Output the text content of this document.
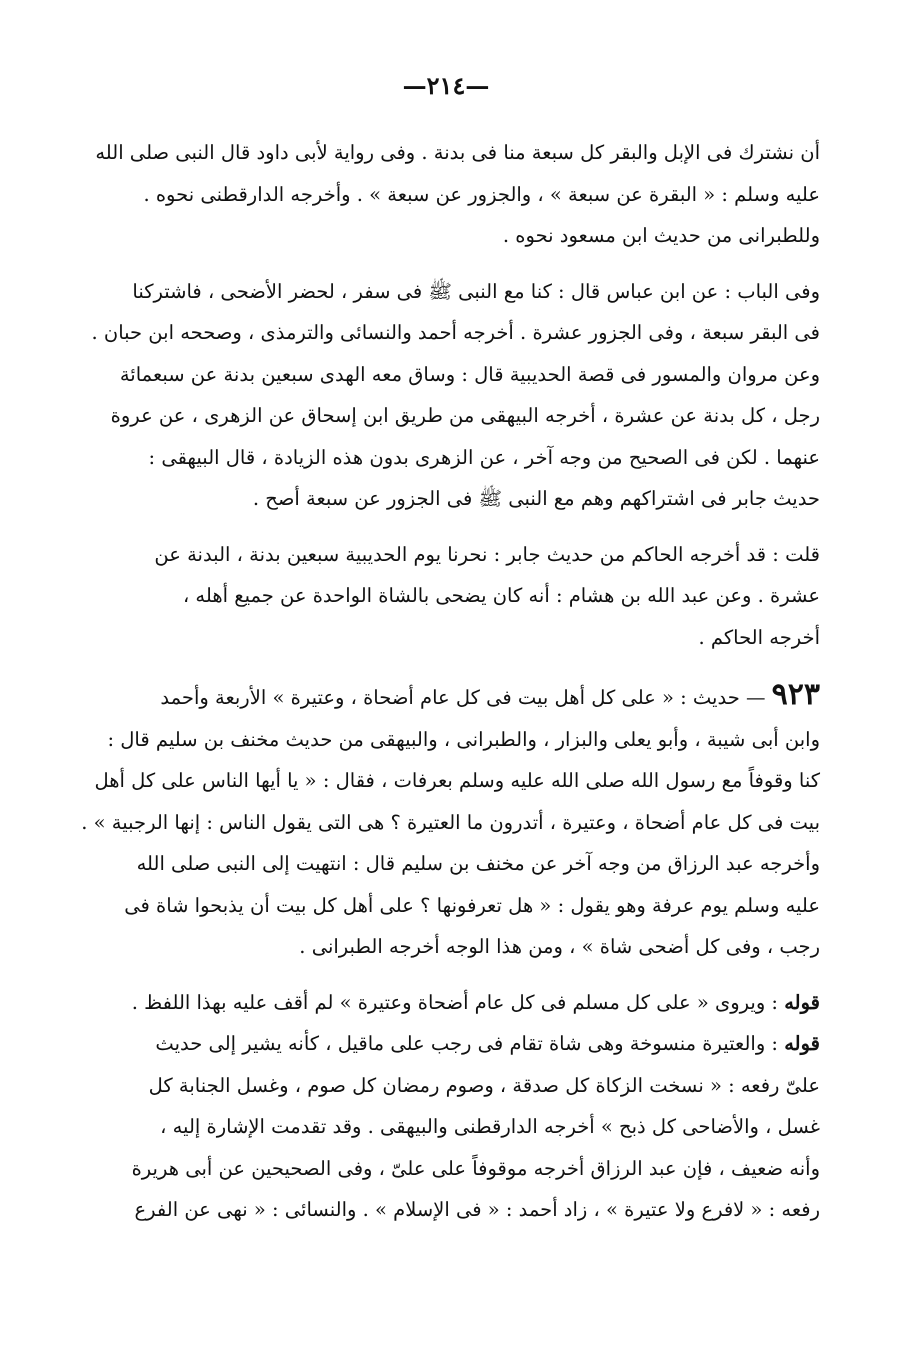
—٢١٤—

أن نشترك فى الإبل والبقر كل سبعة منا فى بدنة . وفى رواية لأبى داود قال النبى صلى الله
عليه وسلم : « البقرة عن سبعة » ، والجزور عن سبعة » . وأخرجه الدارقطنى نحوه .
وللطبرانى من حديث ابن مسعود نحوه .

وفى الباب : عن ابن عباس قال : كنا مع النبى ﷺ فى سفر ، لحضر الأضحى ، فاشتركنا
فى البقر سبعة ، وفى الجزور عشرة . أخرجه أحمد والنسائى والترمذى ، وصححه ابن حبان .
وعن مروان والمسور فى قصة الحديبية قال : وساق معه الهدى سبعين بدنة عن سبعمائة
رجل ، كل بدنة عن عشرة ، أخرجه البيهقى من طريق ابن إسحاق عن الزهرى ، عن عروة
عنهما . لكن فى الصحيح من وجه آخر ، عن الزهرى بدون هذه الزيادة ، قال البيهقى :
حديث جابر فى اشتراكهم وهم مع النبى ﷺ فى الجزور عن سبعة أصح .

قلت : قد أخرجه الحاكم من حديث جابر : نحرنا يوم الحديبية سبعين بدنة ، البدنة عن
عشرة . وعن عبد الله بن هشام : أنه كان يضحى بالشاة الواحدة عن جميع أهله ،
أخرجه الحاكم .

٩٢٣ — حديث : « على كل أهل بيت فى كل عام أضحاة ، وعتيرة » الأربعة وأحمد
وابن أبى شيبة ، وأبو يعلى والبزار ، والطبرانى ، والبيهقى من حديث مخنف بن سليم قال :
كنا وقوفاً مع رسول الله صلى الله عليه وسلم بعرفات ، فقال : « يا أيها الناس على كل أهل
بيت فى كل عام أضحاة ، وعتيرة ، أتدرون ما العتيرة ؟ هى التى يقول الناس : إنها الرجبية » .
وأخرجه عبد الرزاق من وجه آخر عن مخنف بن سليم قال : انتهيت إلى النبى صلى الله
عليه وسلم يوم عرفة وهو يقول : « هل تعرفونها ؟ على أهل كل بيت أن يذبحوا شاة فى
رجب ، وفى كل أضحى شاة » ، ومن هذا الوجه أخرجه الطبرانى .

قوله : ويروى « على كل مسلم فى كل عام أضحاة وعتيرة » لم أقف عليه بهذا اللفظ .

قوله : والعتيرة منسوخة وهى شاة تقام فى رجب على ماقيل ، كأنه يشير إلى حديث
علىّ رفعه : « نسخت الزكاة كل صدقة ، وصوم رمضان كل صوم ، وغسل الجنابة كل
غسل ، والأضاحى كل ذبح » أخرجه الدارقطنى والبيهقى . وقد تقدمت الإشارة إليه ،
وأنه ضعيف ، فإن عبد الرزاق أخرجه موقوفاً على علىّ ، وفى الصحيحين عن أبى هريرة
رفعه : « لافرع ولا عتيرة » ، زاد أحمد : « فى الإسلام » . والنسائى : « نهى عن الفرع
